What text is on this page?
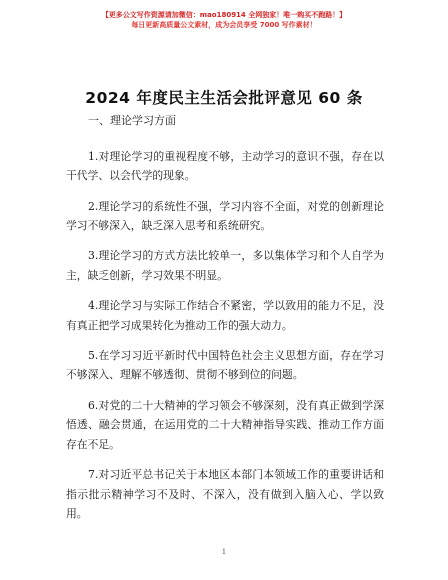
【更多公文写作资源请加微信：mao180914 全网独家！唯一购买不跑路！】
每日更新高质量公文素材，成为会员享受 7000 写作素材！
2024 年度民主生活会批评意见 60 条
一、理论学习方面

1.对理论学习的重视程度不够，主动学习的意识不强，存在以干代学、以会代学的现象。

2.理论学习的系统性不强，学习内容不全面，对党的创新理论学习不够深入，缺乏深入思考和系统研究。

3.理论学习的方式方法比较单一，多以集体学习和个人自学为主，缺乏创新，学习效果不明显。

4.理论学习与实际工作结合不紧密，学以致用的能力不足，没有真正把学习成果转化为推动工作的强大动力。

5.在学习习近平新时代中国特色社会主义思想方面，存在学习不够深入、理解不够透彻、贯彻不够到位的问题。

6.对党的二十大精神的学习领会不够深刻，没有真正做到学深悟透、融会贯通，在运用党的二十大精神指导实践、推动工作方面存在不足。

7.对习近平总书记关于本地区本部门本领域工作的重要讲话和指示批示精神学习不及时、不深入，没有做到入脑入心、学以致用。

1
